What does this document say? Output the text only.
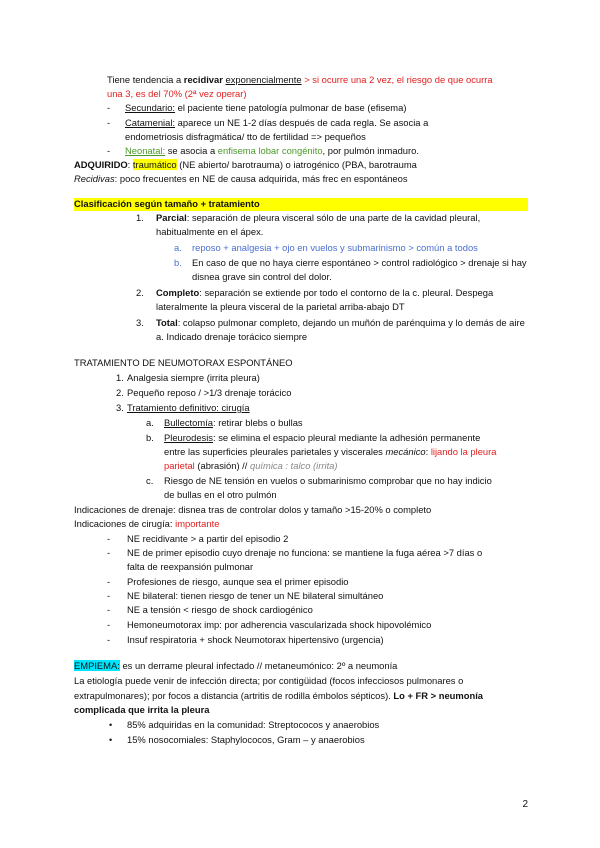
Tiene tendencia a recidivar exponencialmente > si ocurre una 2 vez, el riesgo de que ocurra
una 3, es del 70% (2ª vez operar)
-	Secundario: el paciente tiene patología pulmonar de base (efisema)
-	Catamenial: aparece un NE 1-2 días después de cada regla. Se asocia a
endometriosis disfragmática/ tto de fertilidad => pequeños
-	Neonatal: se asocia a enfisema lobar congénito, por pulmón inmaduro.
ADQUIRIDO: traumático (NE abierto/ barotrauma) o iatrogénico (PBA, barotrauma
Recidivas: poco frecuentes en NE de causa adquirida, más frec en espontáneos
Clasificación según tamaño + tratamiento
1. Parcial: separación de pleura visceral sólo de una parte de la cavidad pleural,
habitualmente en el ápex.
a. reposo + analgesia + ojo en vuelos y submarinismo > común a todos
b. En caso de que no haya cierre espontáneo > control radiológico > drenaje si hay
disnea grave sin control del dolor.
2. Completo: separación se extiende por todo el contorno de la c. pleural. Despega
lateralmente la pleura visceral de la parietal arriba-abajo DT
3. Total: colapso pulmonar completo, dejando un muñón de parénquima y lo demás de aire
a. Indicado drenaje torácico siempre
TRATAMIENTO DE NEUMOTORAX ESPONTÁNEO
1. Analgesia siempre (irrita pleura)
2. Pequeño reposo / >1/3 drenaje torácico
3. Tratamiento definitivo: cirugía
a. Bullectomía: retirar blebs o bullas
b. Pleurodesis: se elimina el espacio pleural mediante la adhesión permanente
entre las superficies pleurales parietales y viscerales mecánico: lijando la pleura
parietal (abrasión) // química : talco (irrita)
c. Riesgo de NE tensión en vuelos o submarinismo comprobar que no hay indicio
de bullas en el otro pulmón
Indicaciones de drenaje: disnea tras de controlar dolos y tamaño >15-20% o completo
Indicaciones de cirugía: importante
-	NE recidivante > a partir del episodio 2
-	NE de primer episodio cuyo drenaje no funciona: se mantiene la fuga aérea >7 días o
falta de reexpansión pulmonar
-	Profesiones de riesgo, aunque sea el primer episodio
-	NE bilateral: tienen riesgo de tener un NE bilateral simultáneo
-	NE a tensión < riesgo de shock cardiogénico
-	Hemoneumotorax imp: por adherencia vascularizada shock hipovolémico
-	Insuf respiratoria + shock Neumotorax hipertensivo (urgencia)
EMPIEMA: es un derrame pleural infectado // metaneumónico: 2º a neumonía
La etiología puede venir de infección directa; por contigüidad (focos infecciosos pulmonares o
extrapulmonares); por focos a distancia (artritis de rodilla émbolos sépticos). Lo + FR > neumonía
complicada que irrita la pleura
• 85% adquiridas en la comunidad: Streptococos y anaerobios
• 15% nosocomiales: Staphylococos, Gram – y anaerobios
2
